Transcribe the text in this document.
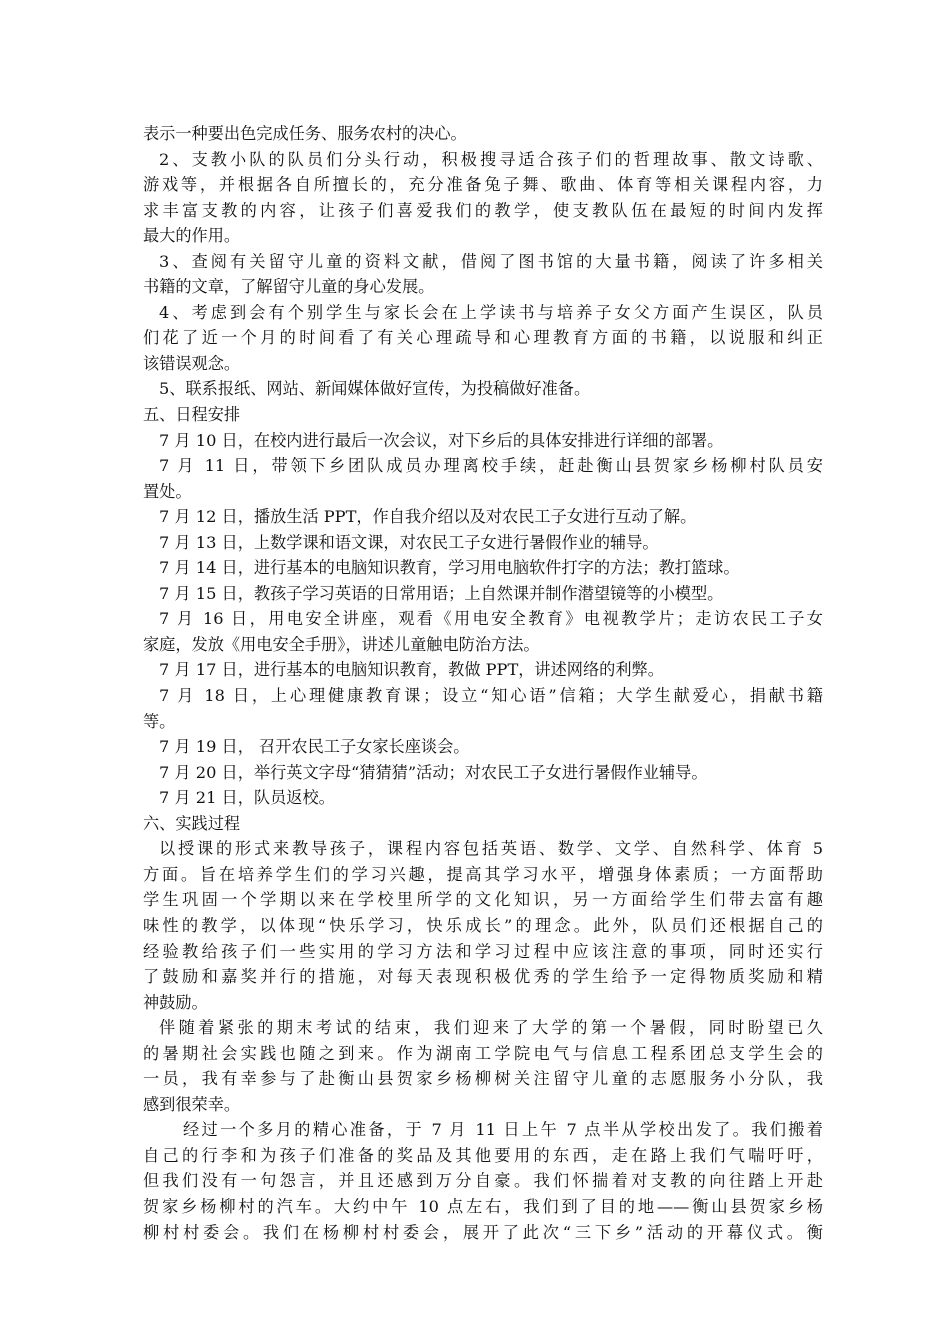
表示一种要出色完成任务、服务农村的决心。
2、支教小队的队员们分头行动，积极搜寻适合孩子们的哲理故事、散文诗歌、
游戏等，并根据各自所擅长的，充分准备兔子舞、歌曲、体育等相关课程内容，力
求丰富支教的内容，让孩子们喜爱我们的教学，使支教队伍在最短的时间内发挥
最大的作用。
3、查阅有关留守儿童的资料文献，借阅了图书馆的大量书籍，阅读了许多相关
书籍的文章，了解留守儿童的身心发展。
4、考虑到会有个别学生与家长会在上学读书与培养子女父方面产生误区，队员
们花了近一个月的时间看了有关心理疏导和心理教育方面的书籍，以说服和纠正
该错误观念。
5、联系报纸、网站、新闻媒体做好宣传，为投稿做好准备。
五、日程安排
7 月 10 日，在校内进行最后一次会议，对下乡后的具体安排进行详细的部署。
7 月 11 日，带领下乡团队成员办理离校手续，赶赴衡山县贺家乡杨柳村队员安
置处。
7 月 12 日，播放生活 PPT，作自我介绍以及对农民工子女进行互动了解。
7 月 13 日，上数学课和语文课，对农民工子女进行暑假作业的辅导。
7 月 14 日，进行基本的电脑知识教育，学习用电脑软件打字的方法；教打篮球。
7 月 15 日，教孩子学习英语的日常用语；上自然课并制作潜望镜等的小模型。
7 月 16 日，用电安全讲座，观看《用电安全教育》电视教学片；走访农民工子女
家庭，发放《用电安全手册》，讲述儿童触电防治方法。
7 月 17 日，进行基本的电脑知识教育，教做 PPT，讲述网络的利弊。
7 月 18 日，上心理健康教育课；设立“知心语”信箱；大学生献爱心，捐献书籍
等。
7 月 19 日， 召开农民工子女家长座谈会。
7 月 20 日，举行英文字母“猜猜猜”活动；对农民工子女进行暑假作业辅导。
7 月 21 日，队员返校。
六、实践过程
以授课的形式来教导孩子，课程内容包括英语、数学、文学、自然科学、体育 5
方面。旨在培养学生们的学习兴趣，提高其学习水平，增强身体素质；一方面帮助
学生巩固一个学期以来在学校里所学的文化知识，另一方面给学生们带去富有趣
味性的教学，以体现“快乐学习，快乐成长”的理念。此外，队员们还根据自己的
经验教给孩子们一些实用的学习方法和学习过程中应该注意的事项，同时还实行
了鼓励和嘉奖并行的措施，对每天表现积极优秀的学生给予一定得物质奖励和精
神鼓励。
伴随着紧张的期末考试的结束，我们迎来了大学的第一个暑假，同时盼望已久
的暑期社会实践也随之到来。作为湖南工学院电气与信息工程系团总支学生会的
一员，我有幸参与了赴衡山县贺家乡杨柳树关注留守儿童的志愿服务小分队，我
感到很荣幸。
经过一个多月的精心准备，于 7 月 11 日上午 7 点半从学校出发了。我们搬着
自己的行李和为孩子们准备的奖品及其他要用的东西，走在路上我们气喘吁吁，
但我们没有一句怨言，并且还感到万分自豪。我们怀揣着对支教的向往踏上开赴
贺家乡杨柳村的汽车。大约中午 10 点左右，我们到了目的地——衡山县贺家乡杨
柳村村委会。我们在杨柳村村委会，展开了此次“三下乡”活动的开幕仪式。衡
